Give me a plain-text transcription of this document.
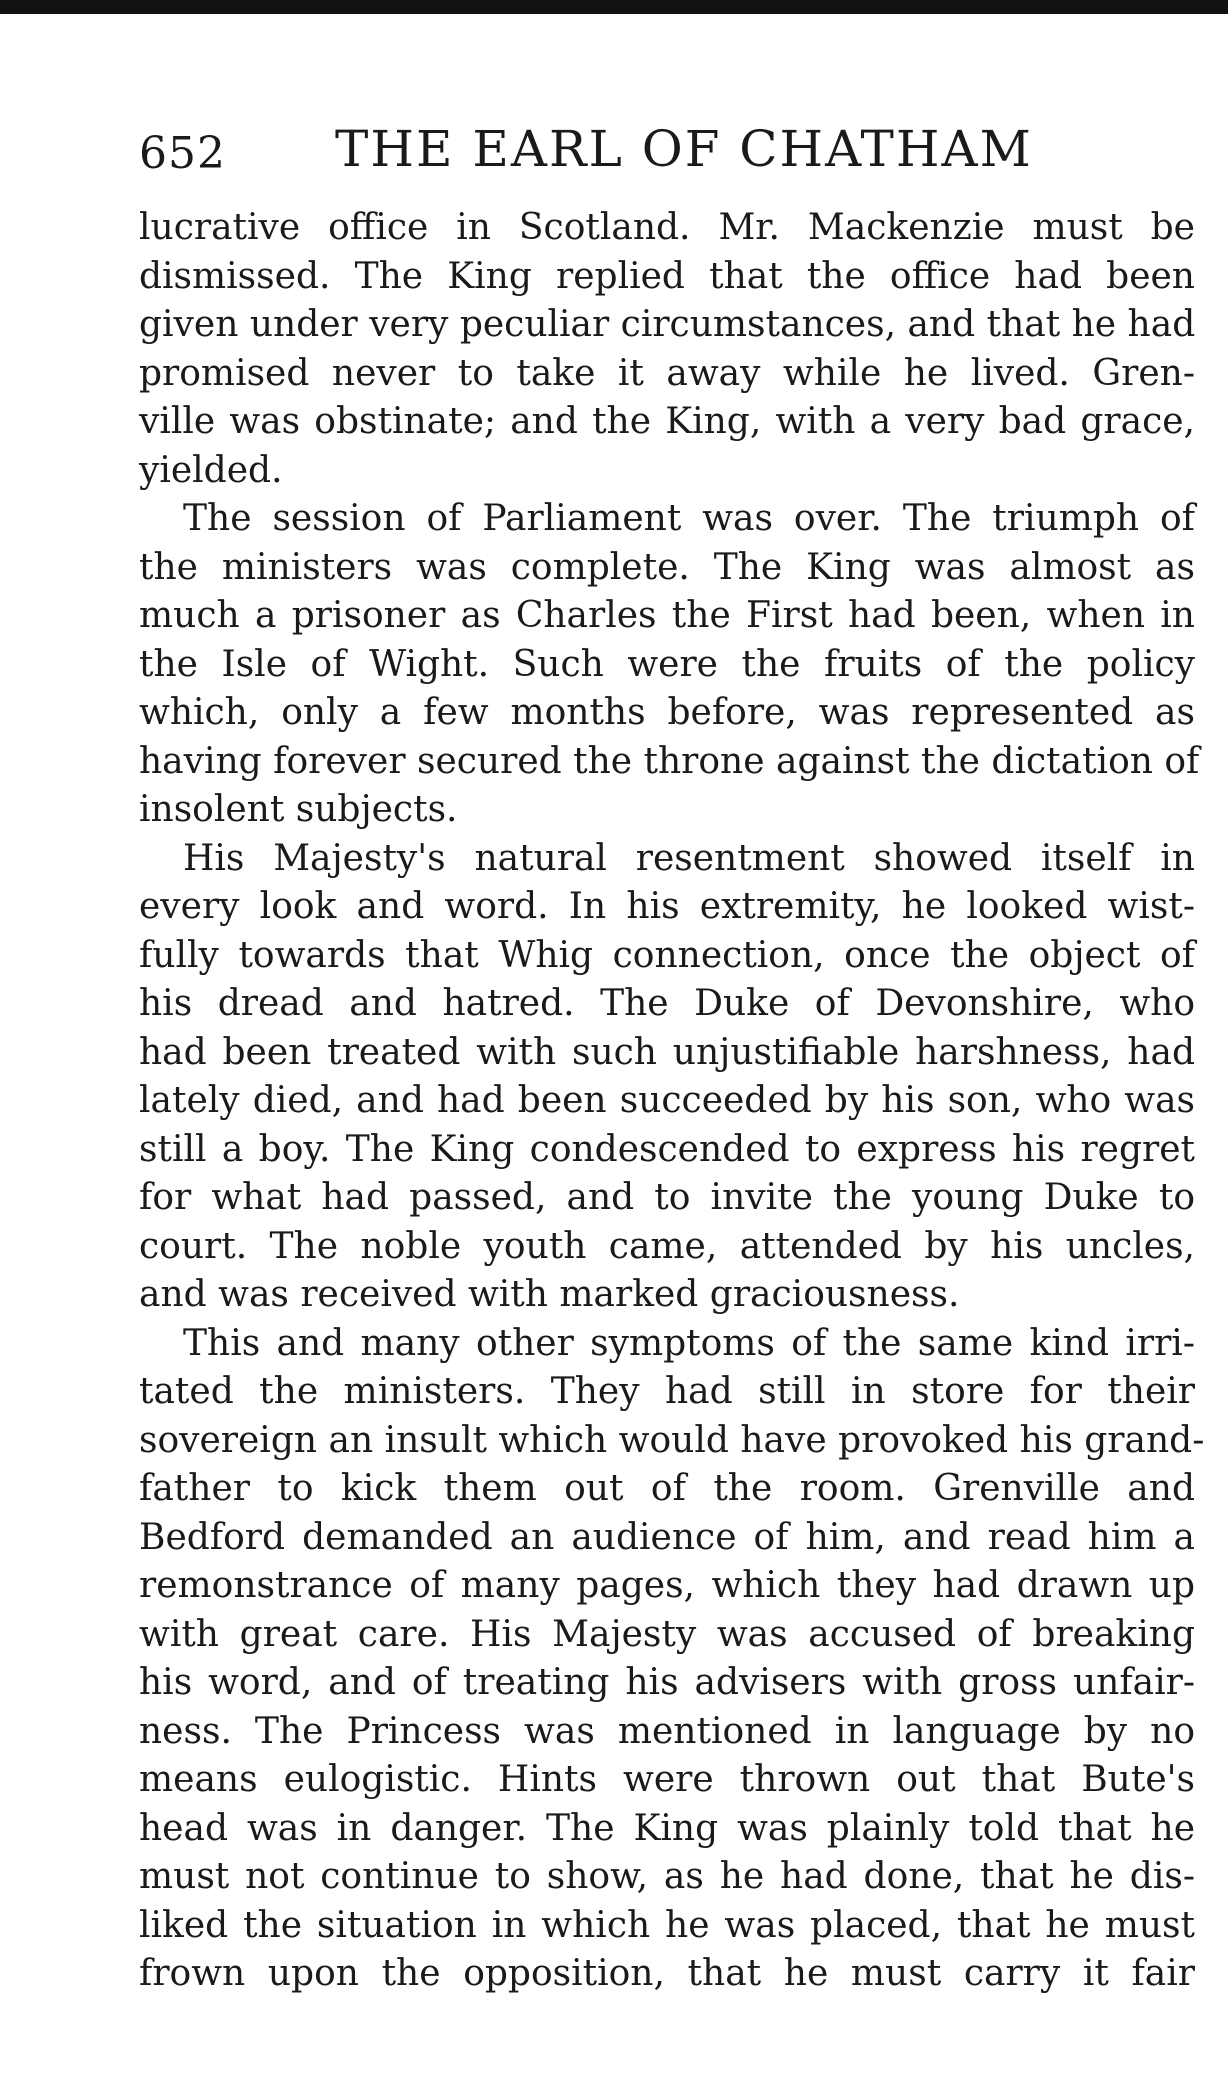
652 THE EARL OF CHATHAM
lucrative office in Scotland. Mr. Mackenzie must be
dismissed. The King replied that the office had been
given under very peculiar circumstances, and that he had
promised never to take it away while he lived. Gren-
ville was obstinate; and the King, with a very bad grace,
yielded.
The session of Parliament was over. The triumph of
the ministers was complete. The King was almost as
much a prisoner as Charles the First had been, when in
the Isle of Wight. Such were the fruits of the policy
which, only a few months before, was represented as
having forever secured the throne against the dictation of
insolent subjects.
His Majesty's natural resentment showed itself in
every look and word. In his extremity, he looked wist-
fully towards that Whig connection, once the object of
his dread and hatred. The Duke of Devonshire, who
had been treated with such unjustifiable harshness, had
lately died, and had been succeeded by his son, who was
still a boy. The King condescended to express his regret
for what had passed, and to invite the young Duke to
court. The noble youth came, attended by his uncles,
and was received with marked graciousness.
This and many other symptoms of the same kind irri-
tated the ministers. They had still in store for their
sovereign an insult which would have provoked his grand-
father to kick them out of the room. Grenville and
Bedford demanded an audience of him, and read him a
remonstrance of many pages, which they had drawn up
with great care. His Majesty was accused of breaking
his word, and of treating his advisers with gross unfair-
ness. The Princess was mentioned in language by no
means eulogistic. Hints were thrown out that Bute's
head was in danger. The King was plainly told that he
must not continue to show, as he had done, that he dis-
liked the situation in which he was placed, that he must
frown upon the opposition, that he must carry it fair
